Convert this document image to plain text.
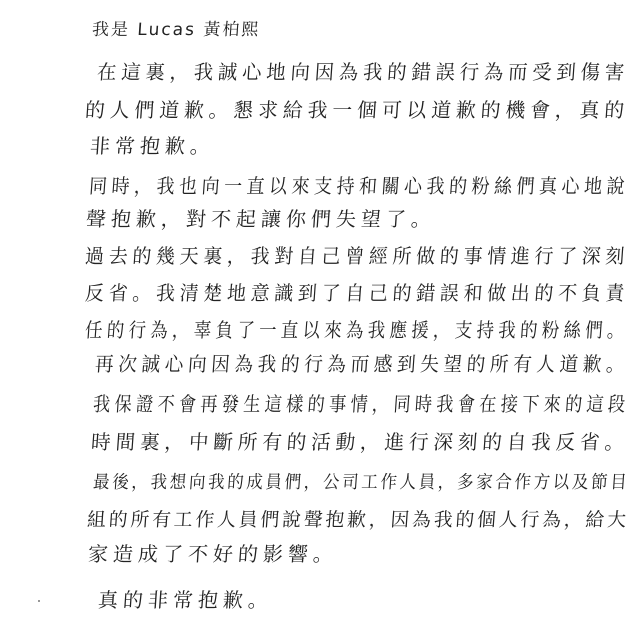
我是 Lucas 黃柏熙
在這裏，我誠心地向因為我的錯誤行為而受到傷害
的人們道歉。懇求給我一個可以道歉的機會，真的
非常抱歉。
同時，我也向一直以來支持和關心我的粉絲們真心地說
聲抱歉，對不起讓你們失望了。
過去的幾天裏，我對自己曾經所做的事情進行了深刻
反省。我清楚地意識到了自己的錯誤和做出的不負責
任的行為，辜負了一直以來為我應援，支持我的粉絲們。
再次誠心向因為我的行為而感到失望的所有人道歉。
我保證不會再發生這樣的事情，同時我會在接下來的這段
時間裏，中斷所有的活動，進行深刻的自我反省。
最後，我想向我的成員們，公司工作人員，多家合作方以及節目
組的所有工作人員們說聲抱歉，因為我的個人行為，給大
家造成了不好的影響。
真的非常抱歉。
